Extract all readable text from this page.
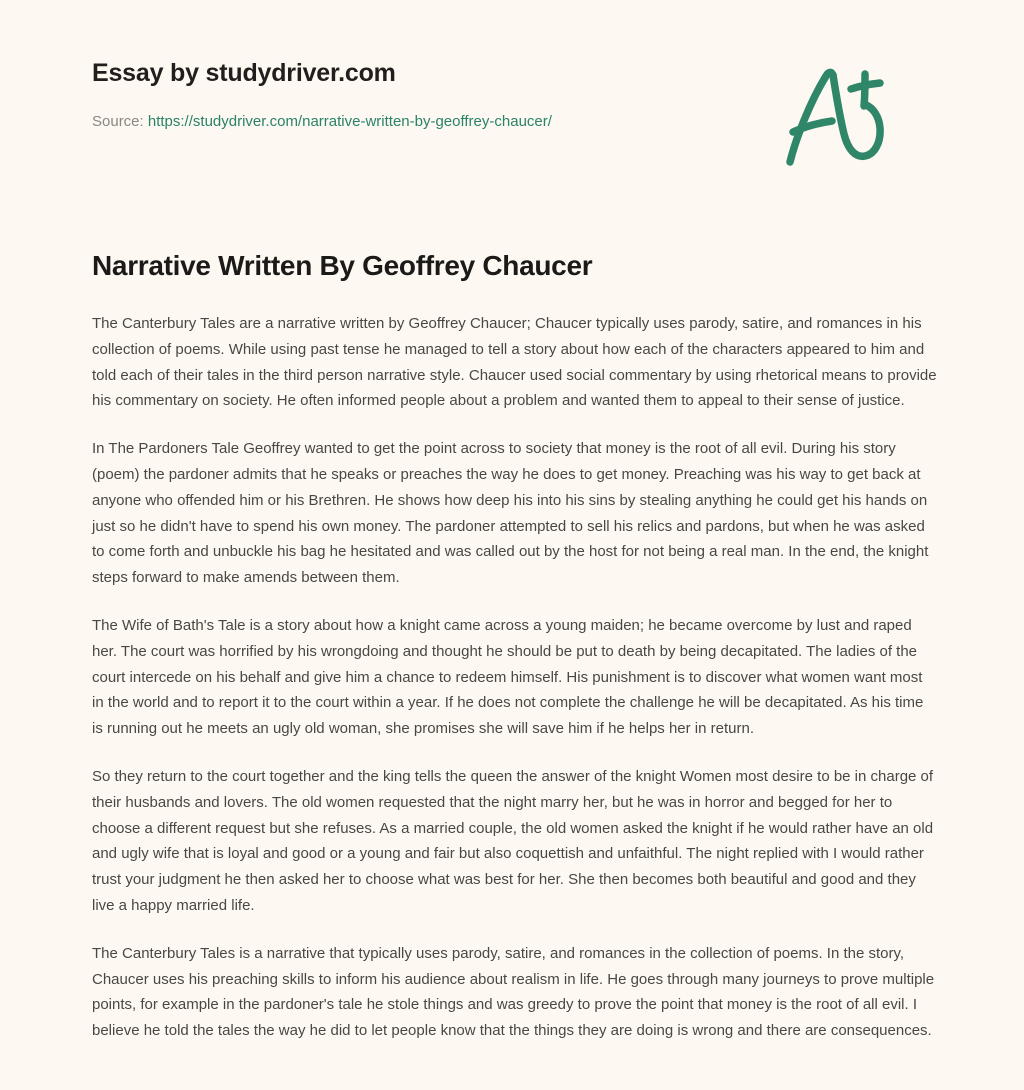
Essay by studydriver.com
Source: https://studydriver.com/narrative-written-by-geoffrey-chaucer/
Narrative Written By Geoffrey Chaucer

The Canterbury Tales are a narrative written by Geoffrey Chaucer; Chaucer typically uses parody, satire, and romances in his collection of poems. While using past tense he managed to tell a story about how each of the characters appeared to him and told each of their tales in the third person narrative style. Chaucer used social commentary by using rhetorical means to provide his commentary on society. He often informed people about a problem and wanted them to appeal to their sense of justice.

In The Pardoners Tale Geoffrey wanted to get the point across to society that money is the root of all evil. During his story (poem) the pardoner admits that he speaks or preaches the way he does to get money. Preaching was his way to get back at anyone who offended him or his Brethren. He shows how deep his into his sins by stealing anything he could get his hands on just so he didn't have to spend his own money. The pardoner attempted to sell his relics and pardons, but when he was asked to come forth and unbuckle his bag he hesitated and was called out by the host for not being a real man. In the end, the knight steps forward to make amends between them.

The Wife of Bath's Tale is a story about how a knight came across a young maiden; he became overcome by lust and raped her. The court was horrified by his wrongdoing and thought he should be put to death by being decapitated. The ladies of the court intercede on his behalf and give him a chance to redeem himself. His punishment is to discover what women want most in the world and to report it to the court within a year. If he does not complete the challenge he will be decapitated. As his time is running out he meets an ugly old woman, she promises she will save him if he helps her in return.

So they return to the court together and the king tells the queen the answer of the knight Women most desire to be in charge of their husbands and lovers. The old women requested that the night marry her, but he was in horror and begged for her to choose a different request but she refuses. As a married couple, the old women asked the knight if he would rather have an old and ugly wife that is loyal and good or a young and fair but also coquettish and unfaithful. The night replied with I would rather trust your judgment he then asked her to choose what was best for her. She then becomes both beautiful and good and they live a happy married life.

The Canterbury Tales is a narrative that typically uses parody, satire, and romances in the collection of poems. In the story, Chaucer uses his preaching skills to inform his audience about realism in life. He goes through many journeys to prove multiple points, for example in the pardoner's tale he stole things and was greedy to prove the point that money is the root of all evil. I believe he told the tales the way he did to let people know that the things they are doing is wrong and there are consequences.
